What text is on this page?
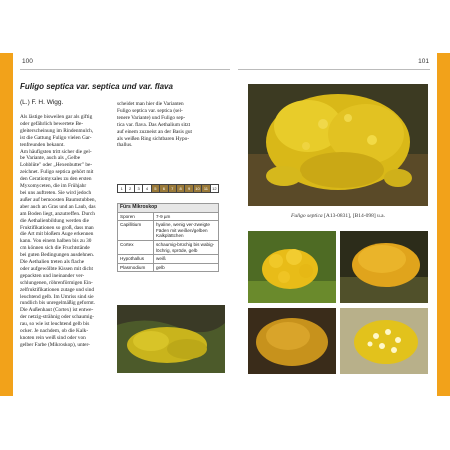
100	101
Fuligo septica var. septica und var. flava
(L.) F. H. Wigg.
Als lästige bisweilen gar als giftig
oder gefährlich bewertete Be-
gleiterscheinung im Rindenmulch,
ist die Gattung Fuligo vielen Gar-
tenfreunden bekannt.
Am häufigsten tritt sicher die gel-
be Variante, auch als „Gelbe
Lohblüte" oder „Hexenbutter" be-
zeichnet. Fuligo septica gehört mit
den Ceratiomyxales zu den ersten
Myxomyceten, die im Frühjahr
bei uns auftreten. Sie wird jedoch
außer auf bemoosten Baumstubben,
aber auch an Gras und an Laub, das
am Boden liegt, anzutreffen. Durch
die Aethalienbildung werden die
Fruktifikationen so groß, dass man
die Art mit bloßem Auge erkennen
kann. Von einem halben bis zu 30
cm können sich die Fruchtstände
bei guten Bedingungen ausdehnen.
Die Aethalien treten als flache
oder aufgewölbte Kissen mit dicht
gepackten und ineinander ver-
schlungenen, röhrenförmigen Ein-
zelfruktifikationen zutage und sind
leuchtend gelb. Im Umriss sind sie
rundlich bis unregelmäßig geformt.
Die Außenhaut (Cortex) ist entwe-
der netzig-strähnig oder schaumig-
rau, so wie ist leuchtend gelb bis
ocker. Je nachdem, ob die Kalk-
knoten rein weiß sind oder von
gelber Farbe (Mikroskop), unter-
scheidet man hier die Varianten
Fuligo septica var. septica (sel-
tenere Variante) und Fuligo sep-
tica var. flava. Das Aethalium sitzt
auf einem zuzneist an der Basis gut
als weißen Ring sichtbaren Hypo-
thallus.
1	2	3	4	5	6	7	8	9	10	11	12
Fürs Mikroskop	
Sporen	7-9 µm
Capillitium	hyaline, wenig ver-zweigte Fäden mit weißen/gelben Kalkplättchen
Cortex	schaumig-brüchig bis wabig-löchrig, spröde, gelb
Hypothallus	weiß
Plasmodium	gelb
Fuligo septica [A13-0831], [B14-098] u.a.
